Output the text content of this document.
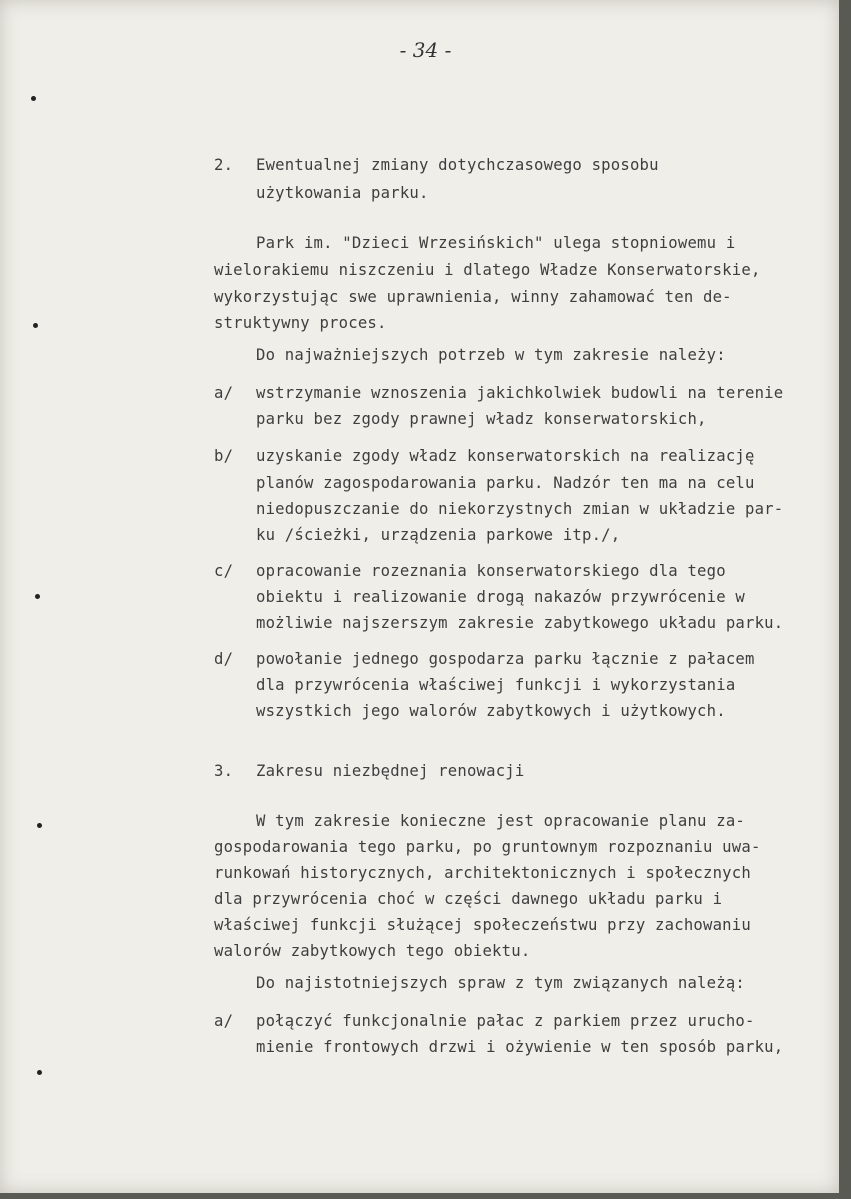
- 34 -
2. Ewentualnej zmiany dotychczasowego sposobu
użytkowania parku.
Park im. "Dzieci Wrzesińskich" ulega stopniowemu i
wielorakiemu niszczeniu i dlatego Władze Konserwatorskie,
wykorzystując swe uprawnienia, winny zahamować ten de-
struktywny proces.
Do najważniejszych potrzeb w tym zakresie należy:
a/ wstrzymanie wznoszenia jakichkolwiek budowli na terenie
parku bez zgody prawnej władz konserwatorskich,
b/ uzyskanie zgody władz konserwatorskich na realizację
planów zagospodarowania parku. Nadzór ten ma na celu
niedopuszczanie do niekorzystnych zmian w układzie par-
ku /ścieżki, urządzenia parkowe itp./,
c/ opracowanie rozeznania konserwatorskiego dla tego
obiektu i realizowanie drogą nakazów przywrócenie w
możliwie najszerszym zakresie zabytkowego układu parku.
d/ powołanie jednego gospodarza parku łącznie z pałacem
dla przywrócenia właściwej funkcji i wykorzystania
wszystkich jego walorów zabytkowych i użytkowych.
3. Zakresu niezbędnej renowacji
W tym zakresie konieczne jest opracowanie planu za-
gospodarowania tego parku, po gruntownym rozpoznaniu uwa-
runkowań historycznych, architektonicznych i społecznych
dla przywrócenia choć w części dawnego układu parku i
właściwej funkcji służącej społeczeństwu przy zachowaniu
walorów zabytkowych tego obiektu.
Do najistotniejszych spraw z tym związanych należą:
a/ połączyć funkcjonalnie pałac z parkiem przez urucho-
mienie frontowych drzwi i ożywienie w ten sposób parku,
